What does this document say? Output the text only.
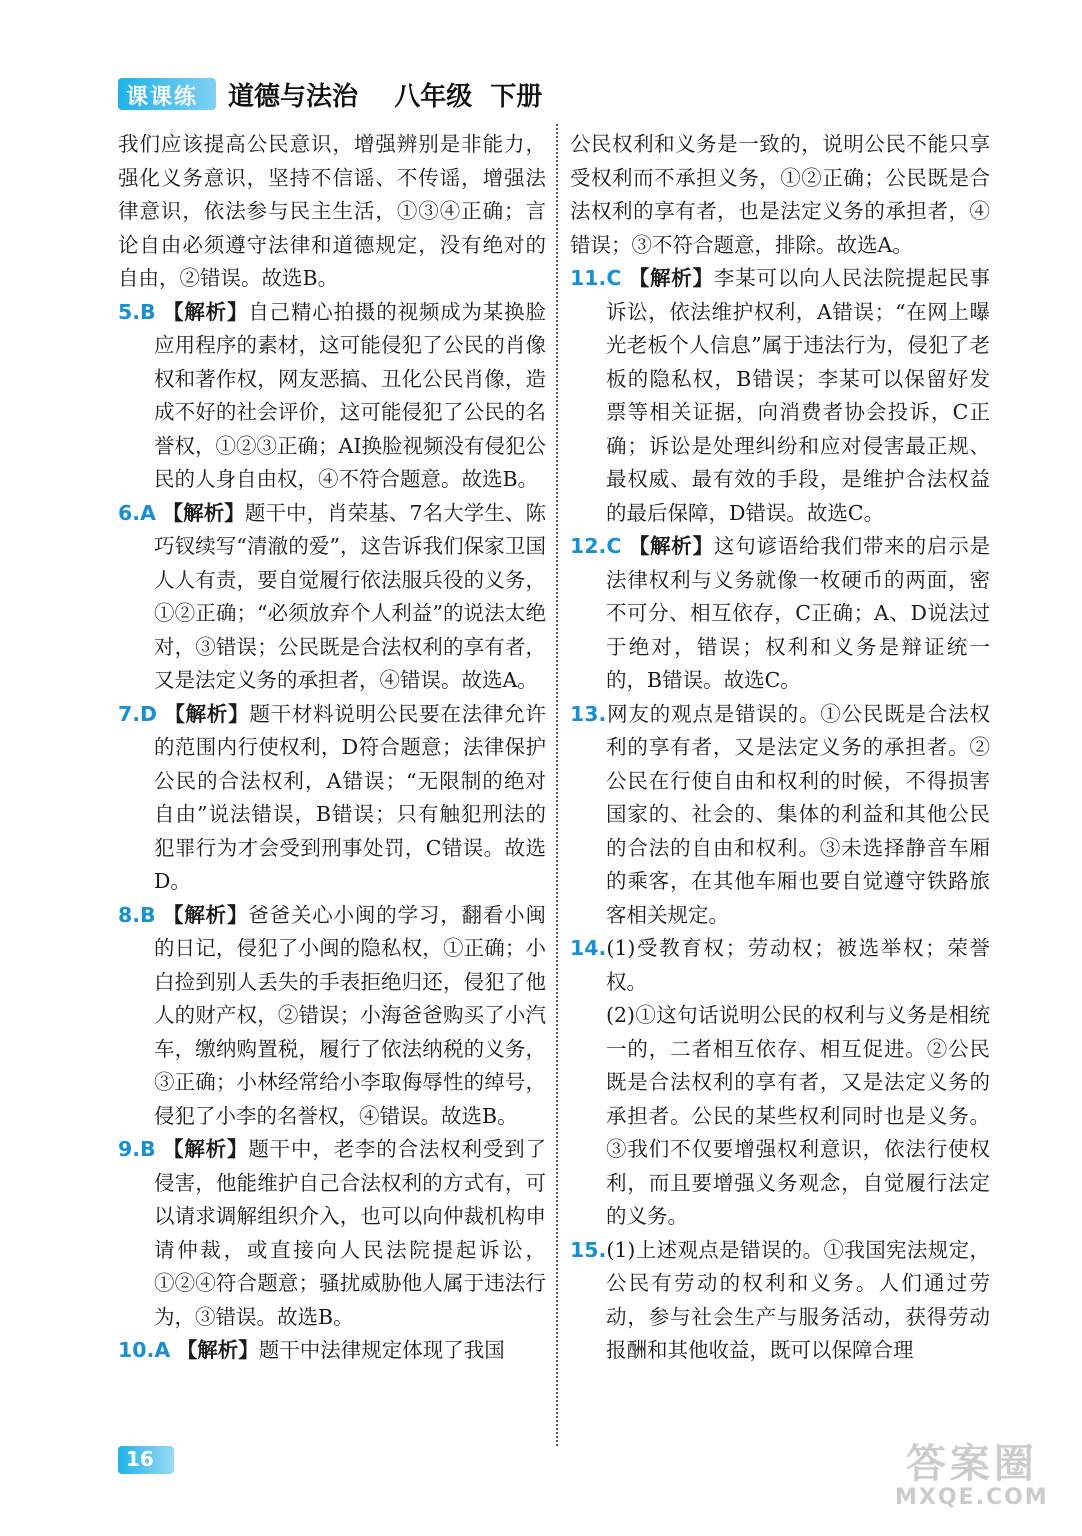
课课练 道德与法治    八年级  下册

我们应该提高公民意识，增强辨别是非能力，强化义务意识，坚持不信谣、不传谣，增强法律意识，依法参与民主生活，①③④正确；言论自由必须遵守法律和道德规定，没有绝对的自由，②错误。故选B。

5.B 【解析】自己精心拍摄的视频成为某换脸应用程序的素材，这可能侵犯了公民的肖像权和著作权，网友恶搞、丑化公民肖像，造成不好的社会评价，这可能侵犯了公民的名誉权，①②③正确；AI换脸视频没有侵犯公民的人身自由权，④不符合题意。故选B。

6.A 【解析】题干中，肖荣基、7名大学生、陈巧钗续写“清澈的爱”，这告诉我们保家卫国人人有责，要自觉履行依法服兵役的义务，①②正确；“必须放弃个人利益”的说法太绝对，③错误；公民既是合法权利的享有者，又是法定义务的承担者，④错误。故选A。

7.D 【解析】题干材料说明公民要在法律允许的范围内行使权利，D符合题意；法律保护公民的合法权利，A错误；“无限制的绝对自由”说法错误，B错误；只有触犯刑法的犯罪行为才会受到刑事处罚，C错误。故选D。

8.B 【解析】爸爸关心小闽的学习，翻看小闽的日记，侵犯了小闽的隐私权，①正确；小白捡到别人丢失的手表拒绝归还，侵犯了他人的财产权，②错误；小海爸爸购买了小汽车，缴纳购置税，履行了依法纳税的义务，③正确；小林经常给小李取侮辱性的绰号，侵犯了小李的名誉权，④错误。故选B。

9.B 【解析】题干中，老李的合法权利受到了侵害，他能维护自己合法权利的方式有，可以请求调解组织介入，也可以向仲裁机构申请仲裁，或直接向人民法院提起诉讼，①②④符合题意；骚扰威胁他人属于违法行为，③错误。故选B。

10.A 【解析】题干中法律规定体现了我国

公民权利和义务是一致的，说明公民不能只享受权利而不承担义务，①②正确；公民既是合法权利的享有者，也是法定义务的承担者，④错误；③不符合题意，排除。故选A。

11.C 【解析】李某可以向人民法院提起民事诉讼，依法维护权利，A错误；“在网上曝光老板个人信息”属于违法行为，侵犯了老板的隐私权，B错误；李某可以保留好发票等相关证据，向消费者协会投诉，C正确；诉讼是处理纠纷和应对侵害最正规、最权威、最有效的手段，是维护合法权益的最后保障，D错误。故选C。

12.C 【解析】这句谚语给我们带来的启示是法律权利与义务就像一枚硬币的两面，密不可分、相互依存，C正确；A、D说法过于绝对，错误；权利和义务是辩证统一的，B错误。故选C。

13.网友的观点是错误的。①公民既是合法权利的享有者，又是法定义务的承担者。②公民在行使自由和权利的时候，不得损害国家的、社会的、集体的利益和其他公民的合法的自由和权利。③未选择静音车厢的乘客，在其他车厢也要自觉遵守铁路旅客相关规定。

14.(1)受教育权；劳动权；被选举权；荣誉权。

(2)①这句话说明公民的权利与义务是相统一的，二者相互依存、相互促进。②公民既是合法权利的享有者，又是法定义务的承担者。公民的某些权利同时也是义务。③我们不仅要增强权利意识，依法行使权利，而且要增强义务观念，自觉履行法定的义务。

15.(1)上述观点是错误的。①我国宪法规定，公民有劳动的权利和义务。人们通过劳动，参与社会生产与服务活动，获得劳动报酬和其他收益，既可以保障合理

16	答案圈
MXQE.COM
